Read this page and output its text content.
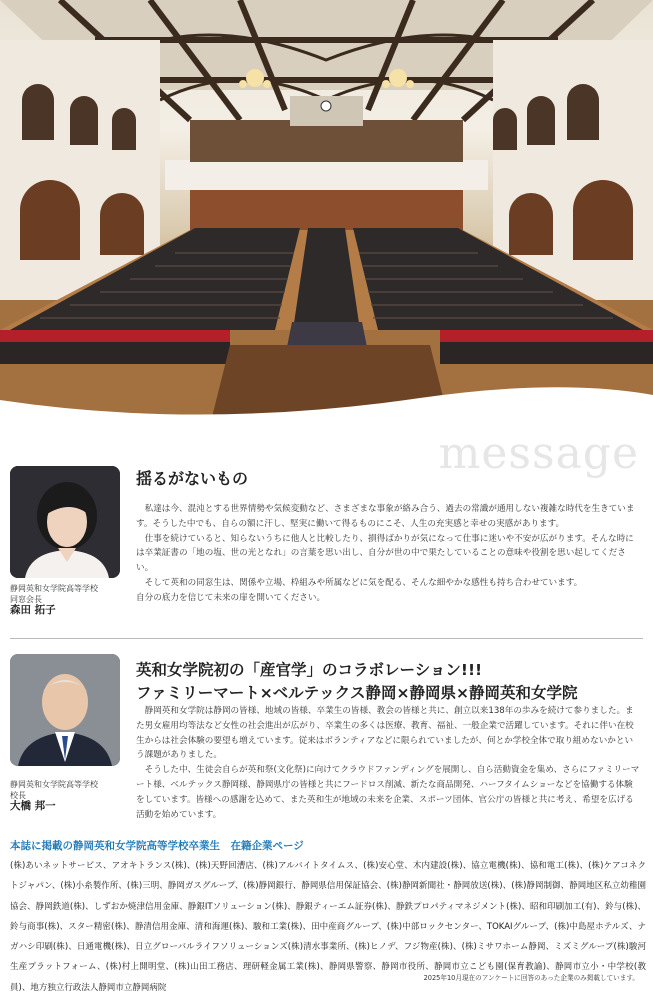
message
静岡英和女学院高等学校
同窓会長
森田 拓子
揺るがないもの

私達は今、混沌とする世界情勢や気候変動など、さまざまな事象が絡み合う、過去の常識が通用しない複雑な時代を生きています。そうした中でも、自らの額に汗し、堅実に働いて得るものにこそ、人生の充実感と幸せの実感があります。

仕事を続けていると、知らないうちに他人と比較したり、損得ばかりが気になって仕事に迷いや不安が広がります。そんな時には卒業証書の「地の塩、世の光となれ」の言葉を思い出し、自分が世の中で果たしていることの意味や役割を思い起してください。

そして英和の同窓生は、関係や立場、枠組みや所属などに気を配る、そんな細やかな感性も持ち合わせています。

自分の底力を信じて未来の扉を開いてください。

静岡英和女学院高等学校
校長
大橋 邦一
英和女学院初の「産官学」のコラボレーション!!!
ファミリーマート×ベルテックス静岡×静岡県×静岡英和女学院

静岡英和女学院は静岡の皆様、地域の皆様、卒業生の皆様、教会の皆様と共に、創立以来138年の歩みを続けて参りました。また男女雇用均等法など女性の社会進出が広がり、卒業生の多くは医療、教育、福祉、一般企業で活躍しています。それに伴い在校生からは社会体験の要望も増えています。従来はボランティアなどに限られていましたが、何とか学校全体で取り組めないかという課題がありました。

そうした中、生徒会自らが英和祭(文化祭)に向けてクラウドファンディングを展開し、自ら活動資金を集め、さらにファミリーマート様、ベルテックス静岡様、静岡県庁の皆様と共にフードロス削減、新たな商品開発、ハーフタイムショーなどを協働する体験をしています。皆様への感謝を込めて、また英和生が地域の未来を企業、スポーツ団体、官公庁の皆様と共に考え、希望を広げる活動を始めています。

本誌に掲載の静岡英和女学院高等学校卒業生　在籍企業ページ

(株)あいネットサービス、アオキトランス(株)、(株)天野回漕店、(株)アルバイトタイムス、(株)安心堂、木内建設(株)、協立電機(株)、協和電工(株)、(株)ケアコネクトジャパン、(株)小糸製作所、(株)三明、静岡ガスグループ、(株)静岡銀行、静岡県信用保証協会、(株)静岡新聞社・静岡放送(株)、(株)静岡制御、静岡地区私立幼稚園協会、静岡鉄道(株)、しずおか焼津信用金庫、静銀ITソリューション(株)、静銀ティーエム証券(株)、静鉄プロパティマネジメント(株)、昭和印刷加工(有)、鈴与(株)、鈴与商事(株)、スター精密(株)、静清信用金庫、清和海運(株)、駿和工業(株)、田中産商グループ、(株)中部ロックセンター、TOKAIグループ、(株)中島屋ホテルズ、ナガハシ印刷(株)、日通電機(株)、日立グローバルライフソリューションズ(株)清水事業所、(株)ヒノデ、フジ物産(株)、(株)ミサワホーム静岡、ミズミグループ(株)駿河生産プラットフォーム、(株)村上開明堂、(株)山田工務店、理研軽金属工業(株)、静岡県警察、静岡市役所、静岡市立こども園(保育教諭)、静岡市立小・中学校(教員)、地方独立行政法人静岡市立静岡病院

2025年10月現在のアンケートに回答のあった企業のみ掲載しています。
